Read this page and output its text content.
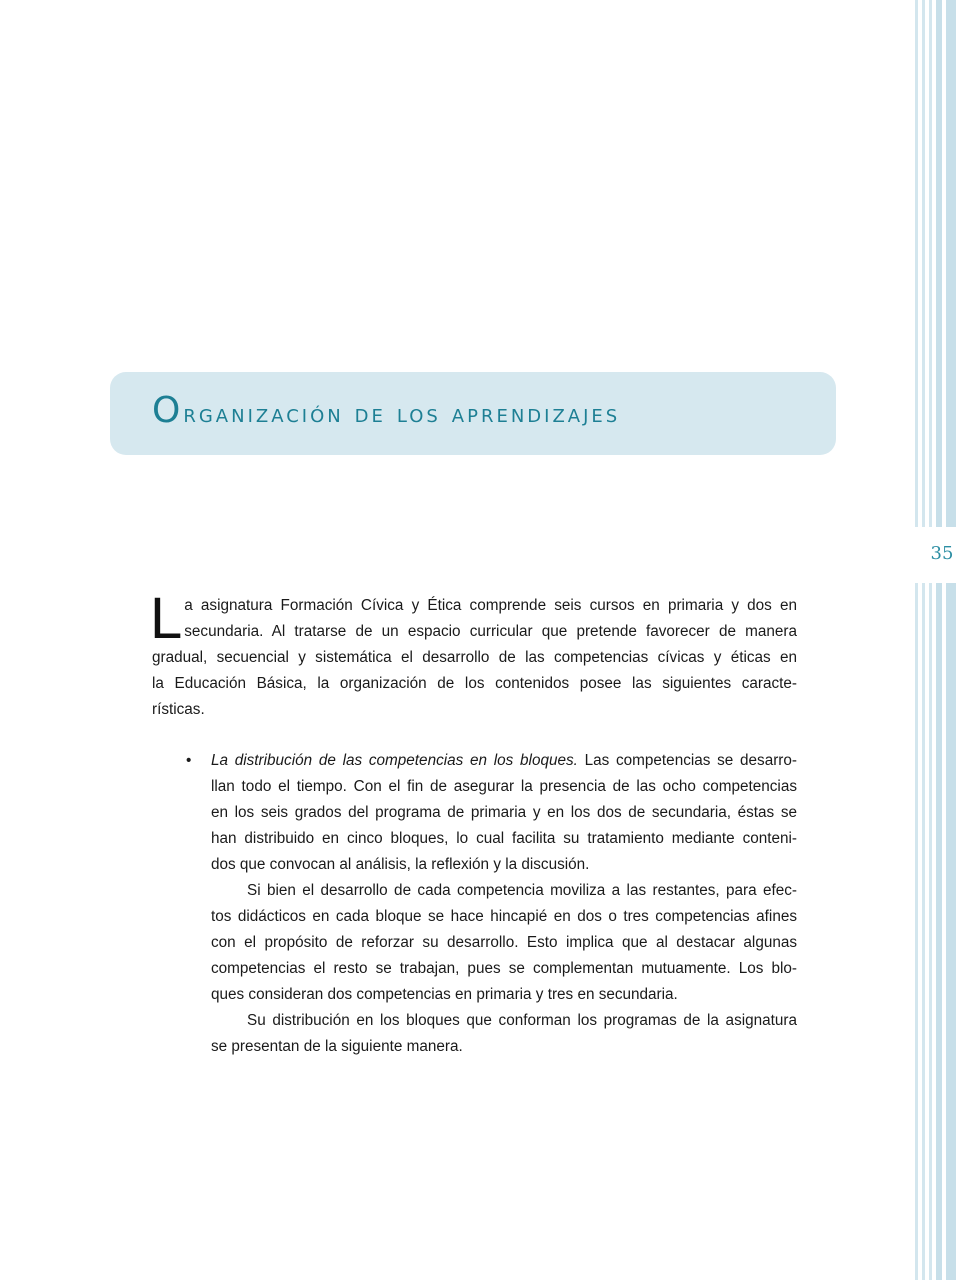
35
Organización de los aprendizajes
L a asignatura Formación Cívica y Ética comprende seis cursos en primaria y dos en
secundaria. Al tratarse de un espacio curricular que pretende favorecer de manera
gradual, secuencial y sistemática el desarrollo de las competencias cívicas y éticas en
la Educación Básica, la organización de los contenidos posee las siguientes caracte-
rísticas.
• La distribución de las competencias en los bloques. Las competencias se desarro-
llan todo el tiempo. Con el fin de asegurar la presencia de las ocho competencias
en los seis grados del programa de primaria y en los dos de secundaria, éstas se
han distribuido en cinco bloques, lo cual facilita su tratamiento mediante conteni-
dos que convocan al análisis, la reflexión y la discusión.
Si bien el desarrollo de cada competencia moviliza a las restantes, para efec-
tos didácticos en cada bloque se hace hincapié en dos o tres competencias afines
con el propósito de reforzar su desarrollo. Esto implica que al destacar algunas
competencias el resto se trabajan, pues se complementan mutuamente. Los blo-
ques consideran dos competencias en primaria y tres en secundaria.
Su distribución en los bloques que conforman los programas de la asignatura
se presentan de la siguiente manera.
